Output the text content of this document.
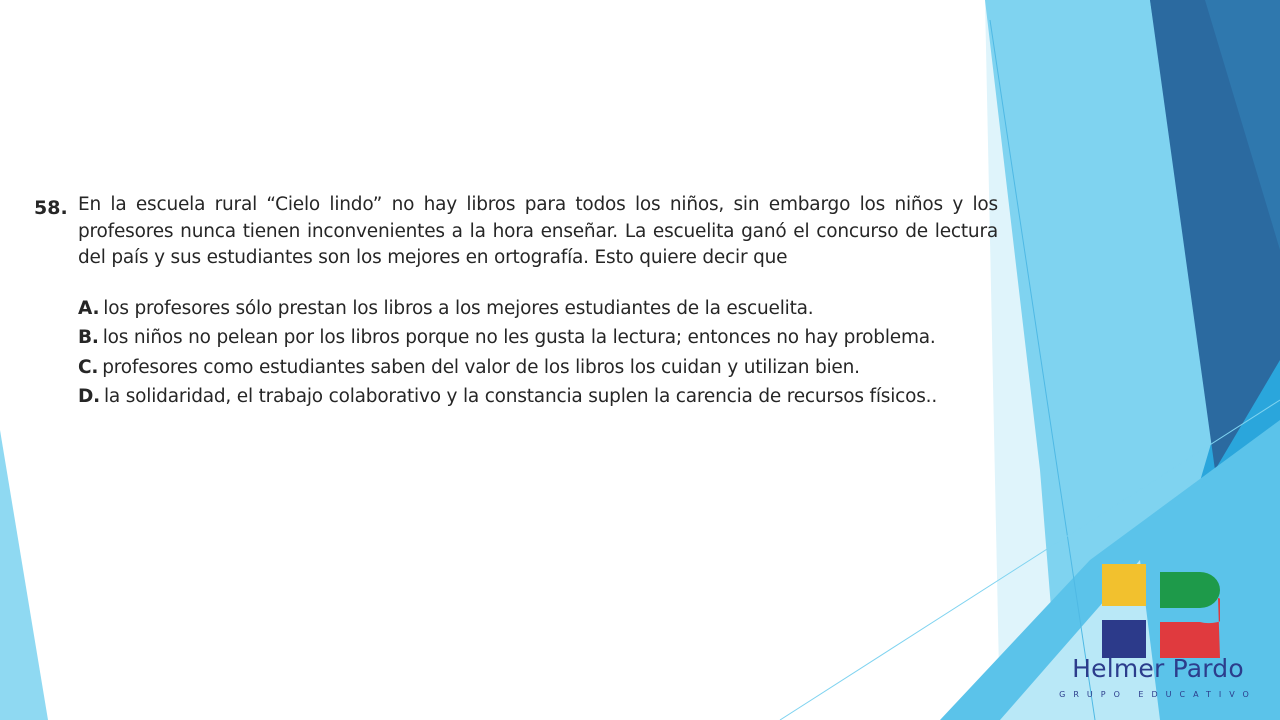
58. En la escuela rural “Cielo lindo” no hay libros para todos los niños, sin embargo los niños y los profesores nunca tienen inconvenientes a la hora enseñar. La escuelita ganó el concurso de lectura del país y sus estudiantes son los mejores en ortografía. Esto quiere decir que
A. los profesores sólo prestan los libros a los mejores estudiantes de la escuelita.
B. los niños no pelean por los libros porque no les gusta la lectura; entonces no hay problema.
C. profesores como estudiantes saben del valor de los libros los cuidan y utilizan bien.
D. la solidaridad, el trabajo colaborativo y la constancia suplen la carencia de recursos físicos..
Helmer Pardo
GRUPO EDUCATIVO
